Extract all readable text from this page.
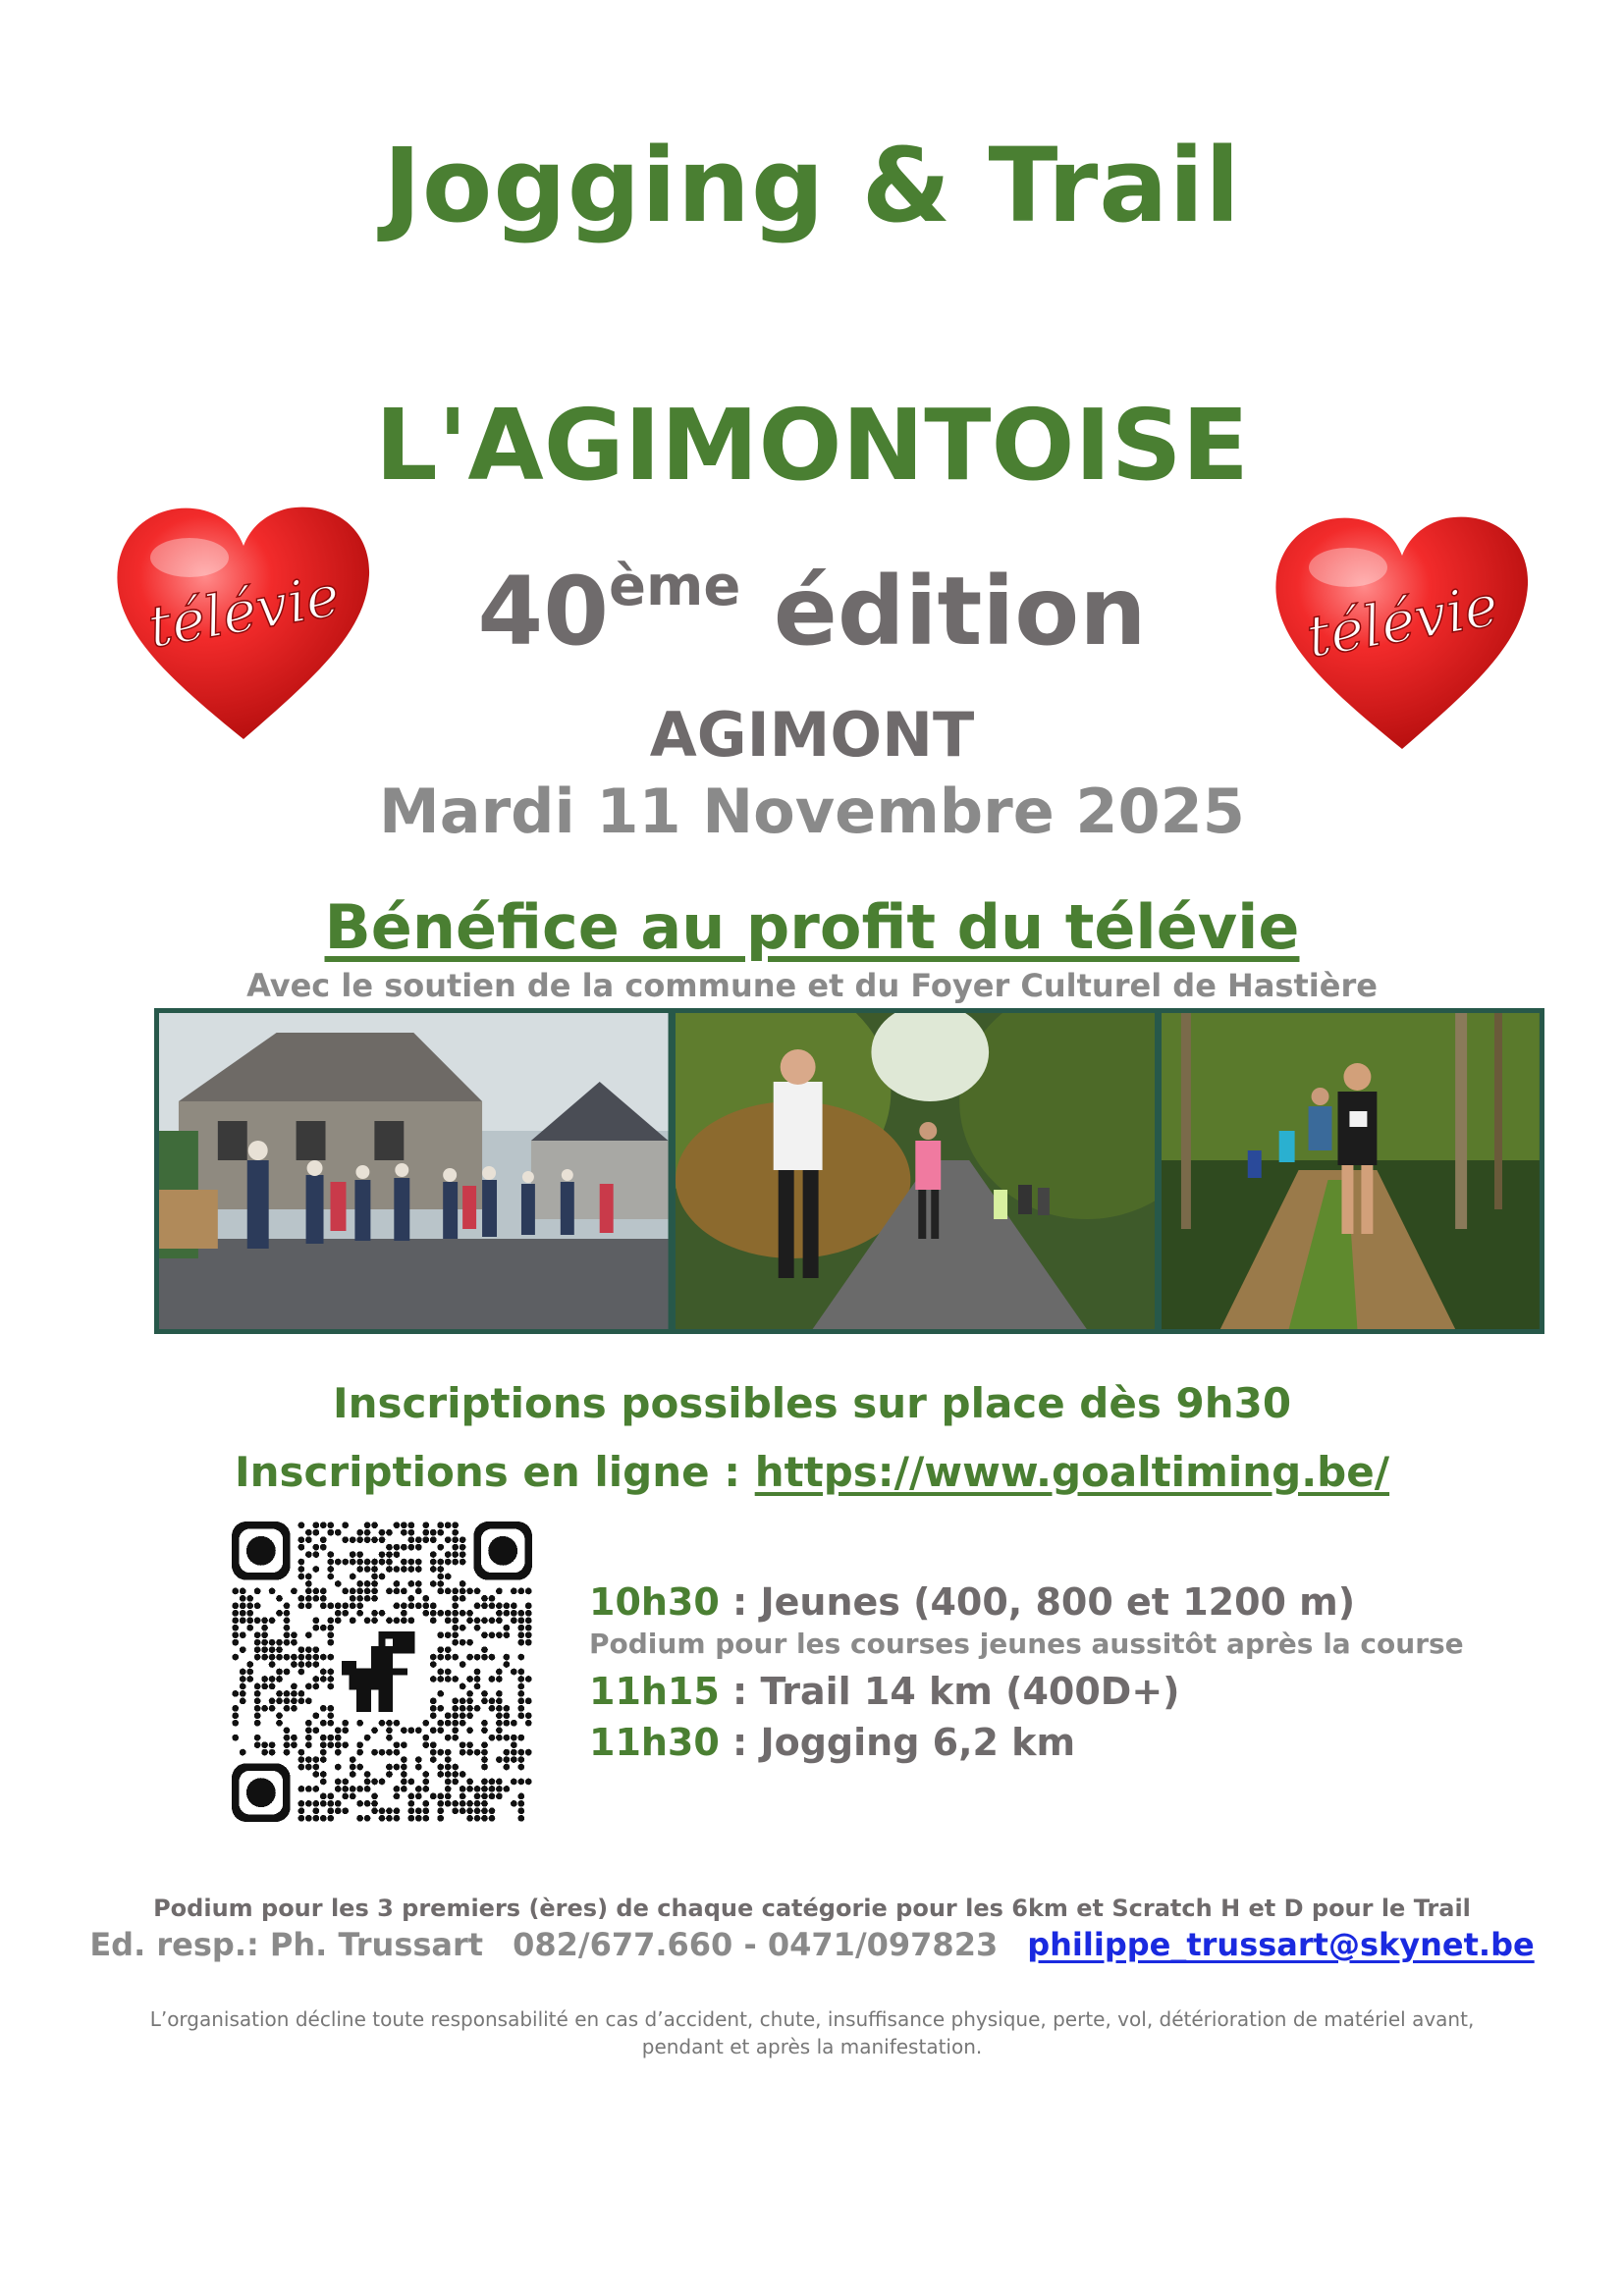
Jogging & Trail
L'AGIMONTOISE
40ème édition
AGIMONT
Mardi 11 Novembre 2025
télévie	télévie
Bénéfice au profit du télévie
Avec le soutien de la commune et du Foyer Culturel de Hastière
Inscriptions possibles sur place dès 9h30
Inscriptions en ligne : https://www.goaltiming.be/
10h30 : Jeunes (400, 800 et 1200 m)
Podium pour les courses jeunes aussitôt après la course
11h15 : Trail 14 km (400D+)
11h30 : Jogging 6,2 km
Podium pour les 3 premiers (ères) de chaque catégorie pour les 6km et Scratch H et D pour le Trail
Ed. resp.: Ph. Trussart 082/677.660 - 0471/097823 philippe_trussart@skynet.be
L’organisation décline toute responsabilité en cas d’accident, chute, insuffisance physique, perte, vol, détérioration de matériel avant,
pendant et après la manifestation.
